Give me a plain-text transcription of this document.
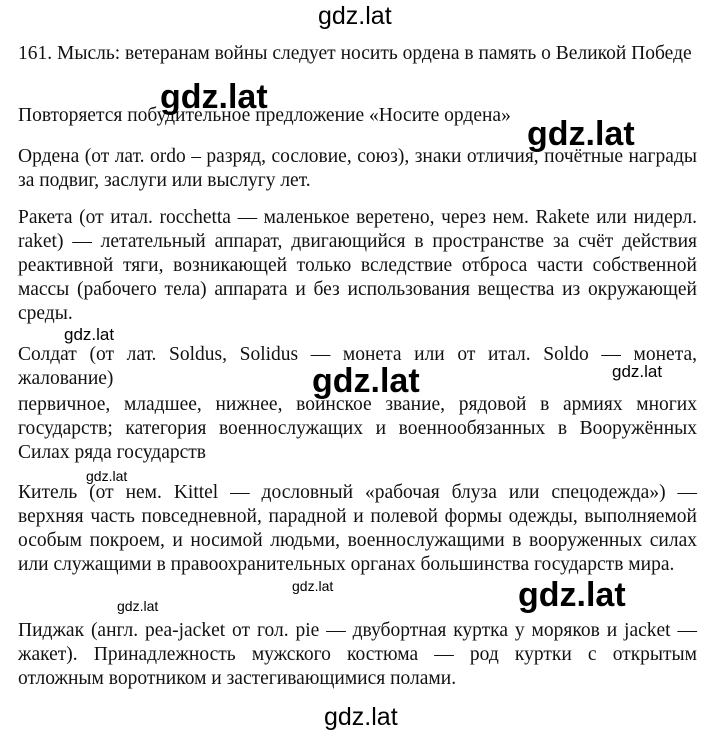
gdz.lat
161. Мысль: ветеранам войны следует носить ордена в память о Великой Победе
Повторяется побудительное предложение «Носите ордена»
Ордена (от лат. ordo – разряд, сословие, союз), знаки отличия, почётные награды за подвиг, заслуги или выслугу лет.
Ракета (от итал. rocchetta — маленькое веретено, через нем. Rakete или нидерл. raket) — летательный аппарат, двигающийся в пространстве за счёт действия реактивной тяги, возникающей только вследствие отброса части собственной массы (рабочего тела) аппарата и без использования вещества из окружающей среды.
Солдат (от лат. Soldus, Solidus — монета или от итал. Soldo — монета, жалование)
первичное, младшее, нижнее, воинское звание, рядовой в армиях многих государств; категория военнослужащих и военнообязанных в Вооружённых Силах ряда государств
Китель (от нем. Kittel — дословный «рабочая блуза или спецодежда») — верхняя часть повседневной, парадной и полевой формы одежды, выполняемой особым покроем, и носимой людьми, военнослужащими в вооруженных силах или служащими в правоохранительных органах большинства государств мира.
Пиджак (англ. pea-jacket от гол. pie — двубортная куртка у моряков и jacket — жакет). Принадлежность мужского костюма — род куртки с открытым отложным воротником и застегивающимися полами.
gdz.lat
gdz.lat
gdz.lat
gdz.lat	gdz.lat
gdz.lat
gdz.lat	gdz.lat
gdz.lat
gdz.lat
